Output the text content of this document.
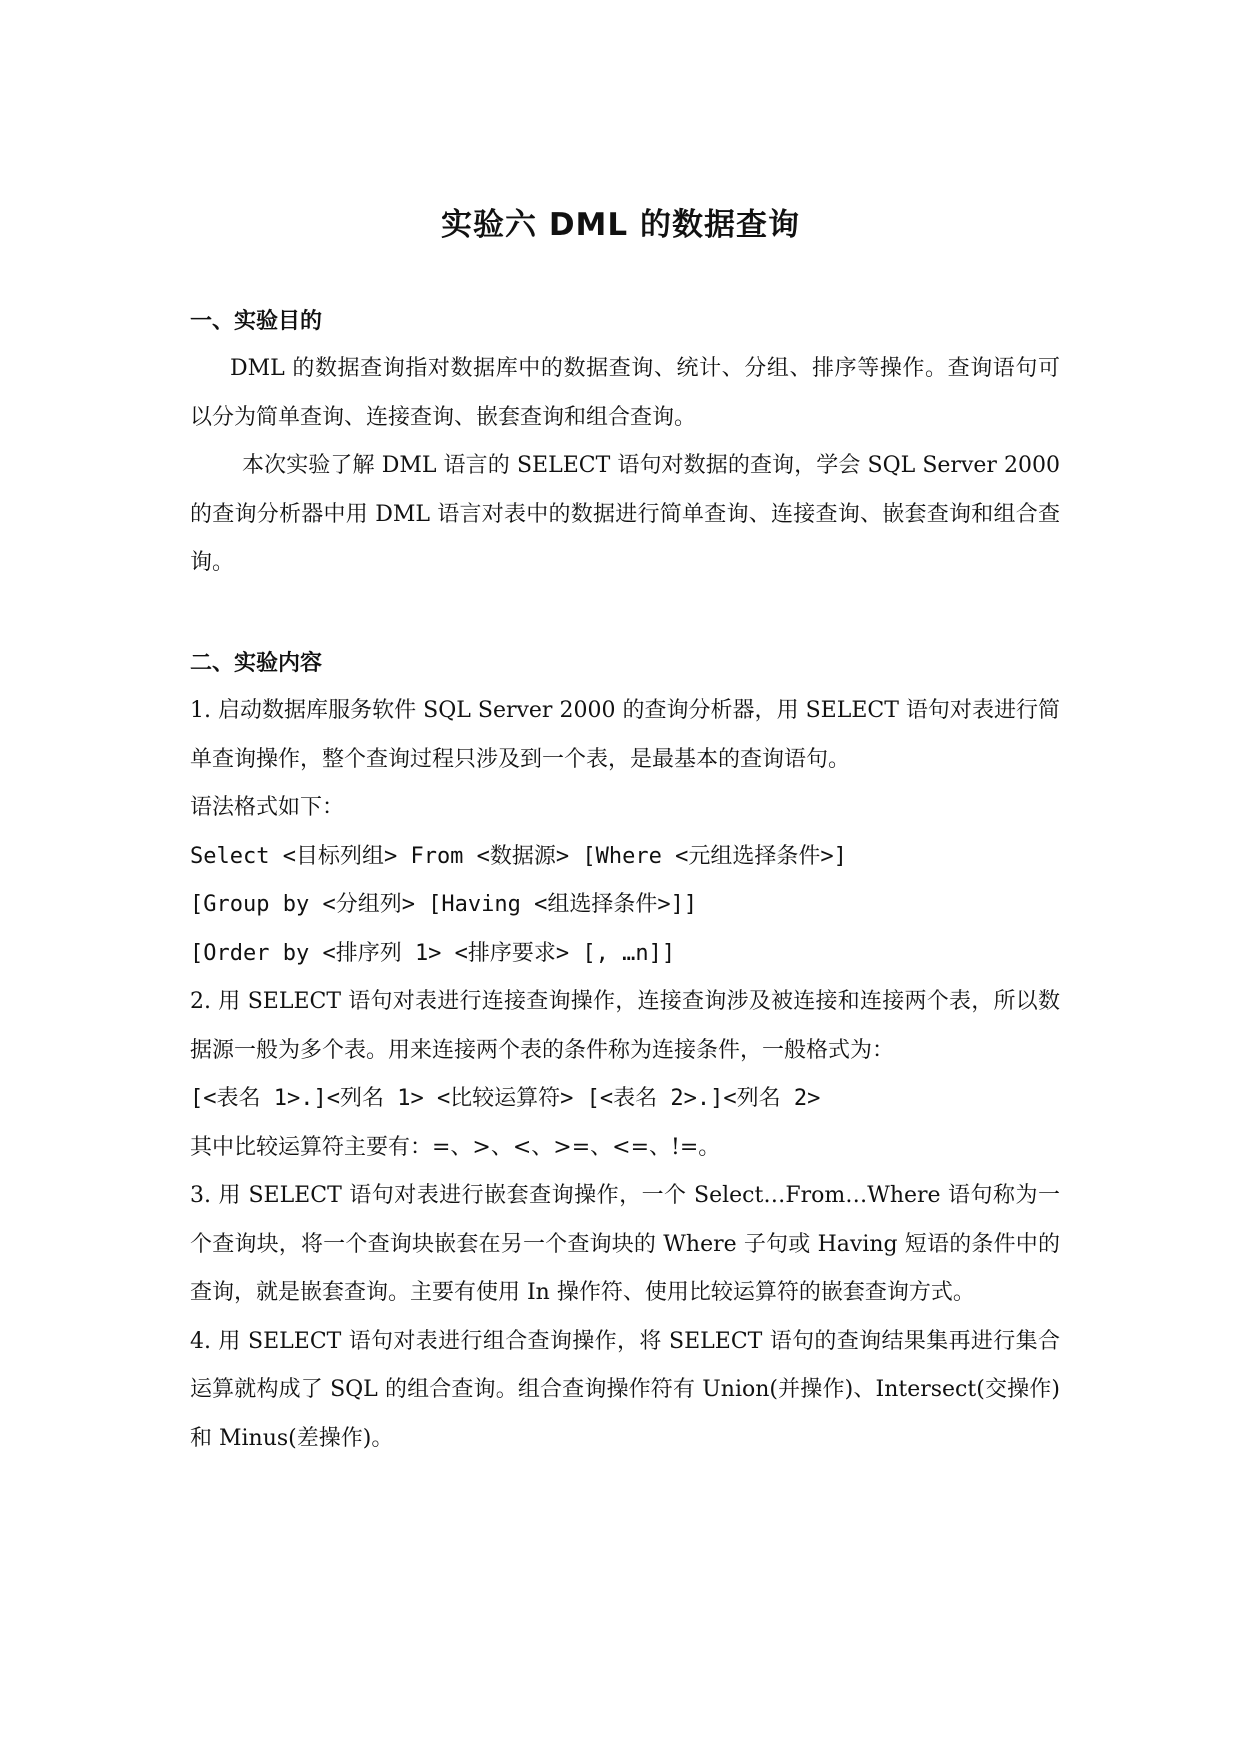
实验六 DML 的数据查询

一、实验目的

DML 的数据查询指对数据库中的数据查询、统计、分组、排序等操作。查询语句可以分为简单查询、连接查询、嵌套查询和组合查询。

本次实验了解 DML 语言的 SELECT 语句对数据的查询，学会 SQL Server 2000 的查询分析器中用 DML 语言对表中的数据进行简单查询、连接查询、嵌套查询和组合查询。

二、实验内容

1. 启动数据库服务软件 SQL Server 2000 的查询分析器，用 SELECT 语句对表进行简单查询操作，整个查询过程只涉及到一个表，是最基本的查询语句。

语法格式如下：

Select <目标列组> From <数据源> [Where <元组选择条件>]

[Group by <分组列> [Having <组选择条件>]]

[Order by <排序列 1> <排序要求> [, …n]]

2. 用 SELECT 语句对表进行连接查询操作，连接查询涉及被连接和连接两个表，所以数据源一般为多个表。用来连接两个表的条件称为连接条件，一般格式为：

[<表名 1>.]<列名 1> <比较运算符> [<表名 2>.]<列名 2>

其中比较运算符主要有：=、>、<、>=、<=、!=。

3. 用 SELECT 语句对表进行嵌套查询操作，一个 Select…From…Where 语句称为一个查询块，将一个查询块嵌套在另一个查询块的 Where 子句或 Having 短语的条件中的查询，就是嵌套查询。主要有使用 In 操作符、使用比较运算符的嵌套查询方式。

4. 用 SELECT 语句对表进行组合查询操作，将 SELECT 语句的查询结果集再进行集合运算就构成了 SQL 的组合查询。组合查询操作符有 Union(并操作)、Intersect(交操作)和 Minus(差操作)。
